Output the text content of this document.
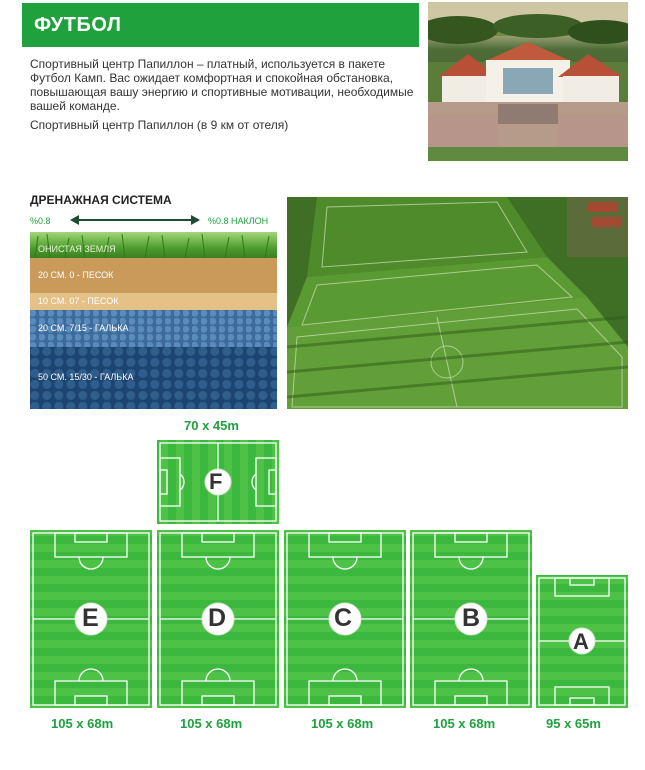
ФУТБОЛ

Спортивный центр Папиллон – платный, используется в пакете Футбол Камп. Вас ожидает комфортная и спокойная обстановка, повышающая вашу энергию и спортивные мотивации, необходимые вашей команде.

Спортивный центр Папиллон (в 9 км от отеля)

ДРЕНАЖНАЯ СИСТЕМА
%0.8	%0.8 НАКЛОН
ОНИСТАЯ ЗЕМЛЯ
20 СМ. 0 - ПЕСОК
10 СМ. 07 - ПЕСОК
20 СМ. 7/15 - ГАЛЬКА
50 СМ. 15/30 - ГАЛЬКА
F
E	D	C	B
A
70 x 45m
105 x 68m	105 x 68m	105 x 68m	105 x 68m	95 x 65m
